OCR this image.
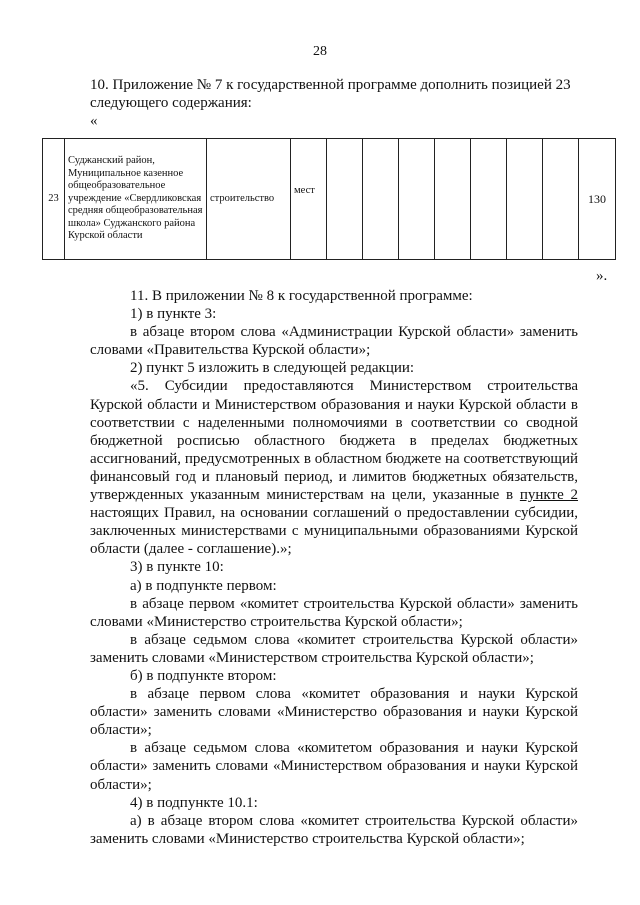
28
10. Приложение № 7 к государственной программе дополнить позицией 23
следующего содержания:
«
23	Суджанский район, Муниципальное казенное общеобразовательное учреждение «Свердликовская средняя общеобразовательная школа» Суджанского района Курской области	строительство	мест								130
».

11. В приложении № 8 к государственной программе:

1) в пункте 3:

в абзаце втором слова «Администрации Курской области» заменить словами «Правительства Курской области»;

2) пункт 5 изложить в следующей редакции:

«5. Субсидии предоставляются Министерством строительства Курской области и Министерством образования и науки Курской области в соответствии с наделенными полномочиями в соответствии со сводной бюджетной росписью областного бюджета в пределах бюджетных ассигнований, предусмотренных в областном бюджете на соответствующий финансовый год и плановый период, и лимитов бюджетных обязательств, утвержденных указанным министерствам на цели, указанные в пункте 2 настоящих Правил, на основании соглашений о предоставлении субсидии, заключенных министерствами с муниципальными образованиями Курской области (далее - соглашение).»;

3) в пункте 10:

а) в подпункте первом:

в абзаце первом «комитет строительства Курской области» заменить словами «Министерство строительства Курской области»;

в абзаце седьмом слова «комитет строительства Курской области» заменить словами «Министерством строительства Курской области»;

б) в подпункте втором:

в абзаце первом слова «комитет образования и науки Курской области» заменить словами «Министерство образования и науки Курской области»;

в абзаце седьмом слова «комитетом образования и науки Курской области» заменить словами «Министерством образования и науки Курской области»;

4) в подпункте 10.1:

а) в абзаце втором слова «комитет строительства Курской области» заменить словами «Министерство строительства Курской области»;
